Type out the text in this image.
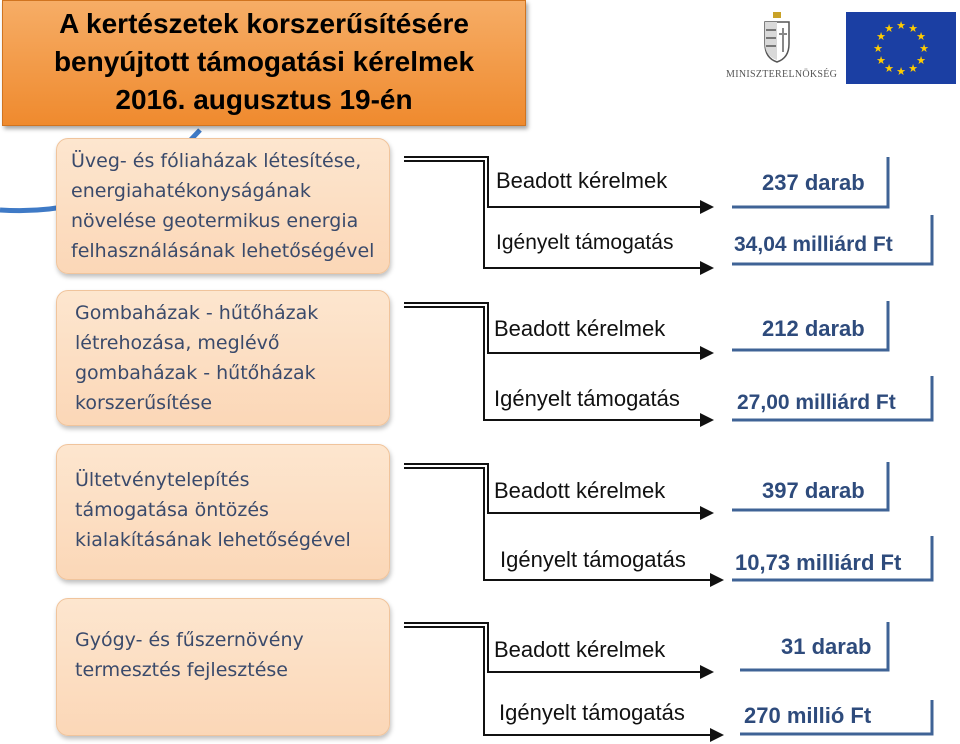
A kertészetek korszerűsítésére
benyújtott támogatási kérelmek
2016. augusztus 19-én
MINISZTERELNÖKSÉG
★ ★
★
★
★
★
★
★
★
★
★
★
Üveg- és fóliaházak létesítése,
energiahatékonyságának
növelése geotermikus energia
felhasználásának lehetőségével
Gombaházak - hűtőházak
létrehozása, meglévő
gombaházak - hűtőházak
korszerűsítése
Ültetvénytelepítés
támogatása öntözés
kialakításának lehetőségével
Gyógy- és fűszernövény
termesztés fejlesztése
Beadott kérelmek	237 darab
Igényelt támogatás	34,04 milliárd Ft
Beadott kérelmek	212 darab
Igényelt támogatás	27,00 milliárd Ft
Beadott kérelmek	397 darab
Igényelt támogatás 10,73 milliárd Ft
Beadott kérelmek	31 darab
Igényelt támogatás	270 millió Ft
